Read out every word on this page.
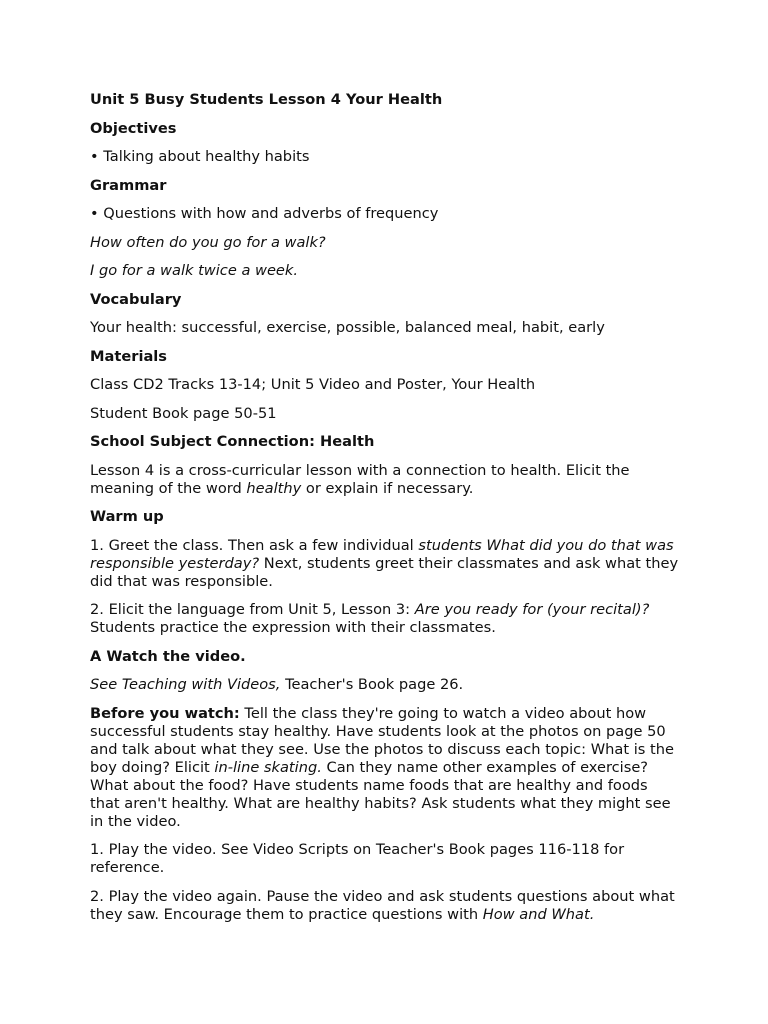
Unit 5 Busy Students Lesson 4 Your Health

Objectives

• Talking about healthy habits

Grammar

• Questions with how and adverbs of frequency

How often do you go for a walk?

I go for a walk twice a week.

Vocabulary

Your health: successful, exercise, possible, balanced meal, habit, early

Materials

Class CD2 Tracks 13-14; Unit 5 Video and Poster, Your Health

Student Book page 50-51

School Subject Connection: Health

Lesson 4 is a cross-curricular lesson with a connection to health. Elicit the meaning of the word healthy or explain if necessary.

Warm up

1. Greet the class. Then ask a few individual students What did you do that was responsible yesterday? Next, students greet their classmates and ask what they did that was responsible.

2. Elicit the language from Unit 5, Lesson 3: Are you ready for (your recital)? Students practice the expression with their classmates.

A Watch the video.

See Teaching with Videos, Teacher's Book page 26.

Before you watch: Tell the class they're going to watch a video about how successful students stay healthy. Have students look at the photos on page 50 and talk about what they see. Use the photos to discuss each topic: What is the boy doing? Elicit in-line skating. Can they name other examples of exercise? What about the food? Have students name foods that are healthy and foods that aren't healthy. What are healthy habits? Ask students what they might see in the video.

1. Play the video. See Video Scripts on Teacher's Book pages 116-118 for reference.

2. Play the video again. Pause the video and ask students questions about what they saw. Encourage them to practice questions with How and What.
